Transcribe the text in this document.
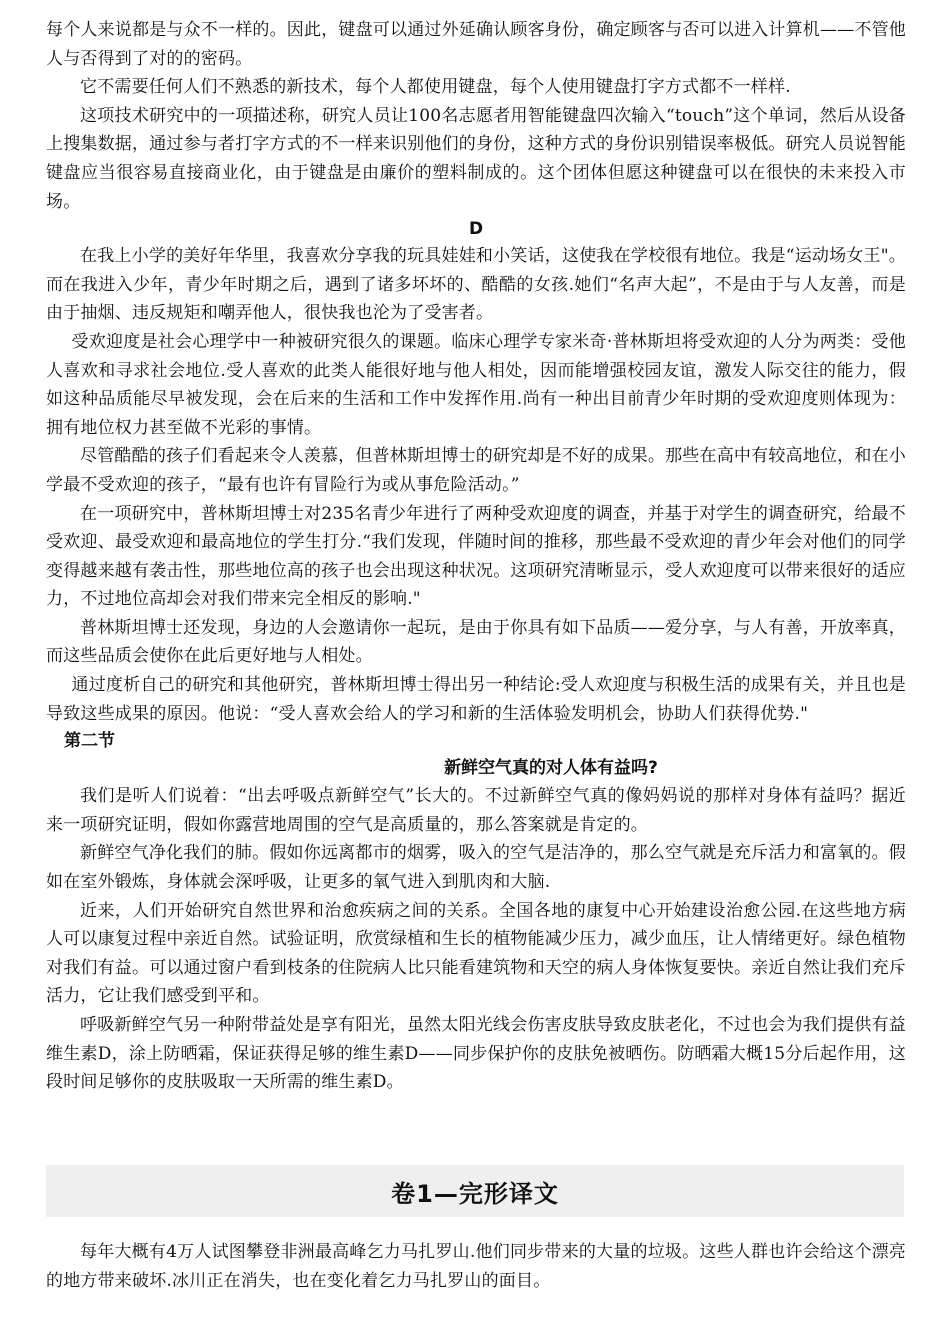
每个人来说都是与众不一样的。因此，键盘可以通过外延确认顾客身份，确定顾客与否可以进入计算机——不管他人与否得到了对的的密码。

它不需要任何人们不熟悉的新技术，每个人都使用键盘，每个人使用键盘打字方式都不一样样.

这项技术研究中的一项描述称，研究人员让100名志愿者用智能键盘四次输入“touch”这个单词，然后从设备上搜集数据，通过参与者打字方式的不一样来识别他们的身份，这种方式的身份识别错误率极低。研究人员说智能键盘应当很容易直接商业化，由于键盘是由廉价的塑料制成的。这个团体但愿这种键盘可以在很快的未来投入市场。

D

在我上小学的美好年华里，我喜欢分享我的玩具娃娃和小笑话，这使我在学校很有地位。我是“运动场女王"。而在我进入少年，青少年时期之后，遇到了诸多坏坏的、酷酷的女孩.她们“名声大起”，不是由于与人友善，而是由于抽烟、违反规矩和嘲弄他人，很快我也沦为了受害者。

受欢迎度是社会心理学中一种被研究很久的课题。临床心理学专家米奇·普林斯坦将受欢迎的人分为两类：受他人喜欢和寻求社会地位.受人喜欢的此类人能很好地与他人相处，因而能增强校园友谊，激发人际交往的能力，假如这种品质能尽早被发现，会在后来的生活和工作中发挥作用.尚有一种出目前青少年时期的受欢迎度则体现为：拥有地位权力甚至做不光彩的事情。

尽管酷酷的孩子们看起来令人羡慕，但普林斯坦博士的研究却是不好的成果。那些在高中有较高地位，和在小学最不受欢迎的孩子，“最有也许有冒险行为或从事危险活动。”

在一项研究中，普林斯坦博士对235名青少年进行了两种受欢迎度的调查，并基于对学生的调查研究，给最不受欢迎、最受欢迎和最高地位的学生打分.“我们发现，伴随时间的推移，那些最不受欢迎的青少年会对他们的同学变得越来越有袭击性，那些地位高的孩子也会出现这种状况。这项研究清晰显示，受人欢迎度可以带来很好的适应力，不过地位高却会对我们带来完全相反的影响."

普林斯坦博士还发现，身边的人会邀请你一起玩，是由于你具有如下品质——爱分享，与人有善，开放率真，而这些品质会使你在此后更好地与人相处。

通过度析自己的研究和其他研究，普林斯坦博士得出另一种结论:受人欢迎度与积极生活的成果有关，并且也是导致这些成果的原因。他说：“受人喜欢会给人的学习和新的生活体验发明机会，协助人们获得优势."

第二节

新鲜空气真的对人体有益吗?

我们是听人们说着：“出去呼吸点新鲜空气”长大的。不过新鲜空气真的像妈妈说的那样对身体有益吗？据近来一项研究证明，假如你露营地周围的空气是高质量的，那么答案就是肯定的。

新鲜空气净化我们的肺。假如你远离都市的烟雾，吸入的空气是洁净的，那么空气就是充斥活力和富氧的。假如在室外锻炼，身体就会深呼吸，让更多的氧气进入到肌肉和大脑.

近来，人们开始研究自然世界和治愈疾病之间的关系。全国各地的康复中心开始建设治愈公园.在这些地方病人可以康复过程中亲近自然。试验证明，欣赏绿植和生长的植物能减少压力，减少血压，让人情绪更好。绿色植物对我们有益。可以通过窗户看到枝条的住院病人比只能看建筑物和天空的病人身体恢复要快。亲近自然让我们充斥活力，它让我们感受到平和。

呼吸新鲜空气另一种附带益处是享有阳光，虽然太阳光线会伤害皮肤导致皮肤老化，不过也会为我们提供有益维生素D，涂上防晒霜，保证获得足够的维生素D——同步保护你的皮肤免被晒伤。防晒霜大概15分后起作用，这段时间足够你的皮肤吸取一天所需的维生素D。

卷1—完形译文

每年大概有4万人试图攀登非洲最高峰乞力马扎罗山.他们同步带来的大量的垃圾。这些人群也许会给这个漂亮的地方带来破坏.冰川正在消失，也在变化着乞力马扎罗山的面目。
